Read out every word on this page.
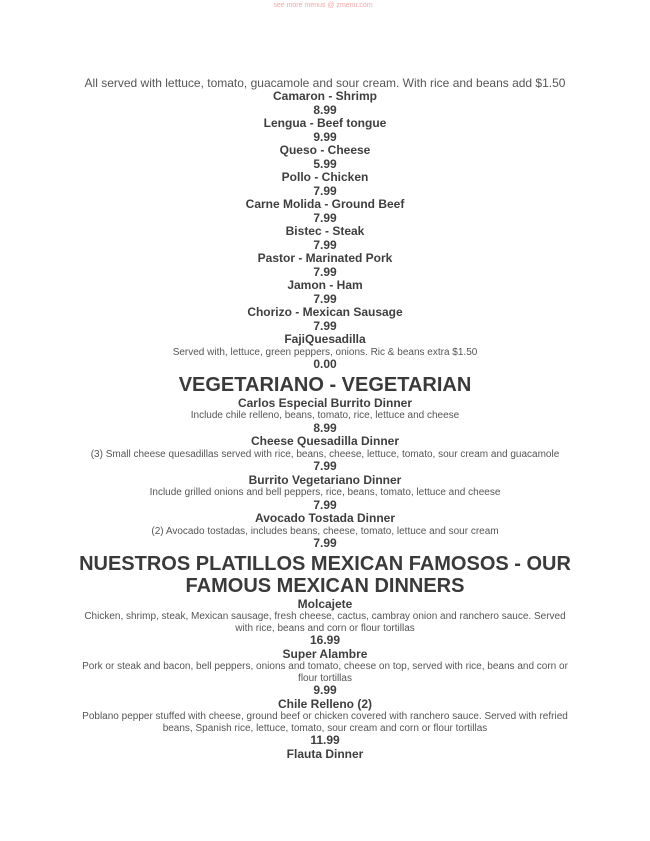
see more menus @ zmenu.com
All served with lettuce, tomato, guacamole and sour cream. With rice and beans add $1.50
Camaron - Shrimp
8.99
Lengua - Beef tongue
9.99
Queso - Cheese
5.99
Pollo - Chicken
7.99
Carne Molida - Ground Beef
7.99
Bistec - Steak
7.99
Pastor - Marinated Pork
7.99
Jamon - Ham
7.99
Chorizo - Mexican Sausage
7.99
FajiQuesadilla
Served with, lettuce, green peppers, onions. Ric & beans extra $1.50
0.00
VEGETARIANO - VEGETARIAN
Carlos Especial Burrito Dinner
Include chile relleno, beans, tomato, rice, lettuce and cheese
8.99
Cheese Quesadilla Dinner
(3) Small cheese quesadillas served with rice, beans, cheese, lettuce, tomato, sour cream and guacamole
7.99
Burrito Vegetariano Dinner
Include grilled onions and bell peppers, rice, beans, tomato, lettuce and cheese
7.99
Avocado Tostada Dinner
(2) Avocado tostadas, includes beans, cheese, tomato, lettuce and sour cream
7.99
NUESTROS PLATILLOS MEXICAN FAMOSOS - OUR FAMOUS MEXICAN DINNERS
Molcajete
Chicken, shrimp, steak, Mexican sausage, fresh cheese, cactus, cambray onion and ranchero sauce. Served with rice, beans and corn or flour tortillas
16.99
Super Alambre
Pork or steak and bacon, bell peppers, onions and tomato, cheese on top, served with rice, beans and corn or flour tortillas
9.99
Chile Relleno (2)
Poblano pepper stuffed with cheese, ground beef or chicken covered with ranchero sauce. Served with refried beans, Spanish rice, lettuce, tomato, sour cream and corn or flour tortillas
11.99
Flauta Dinner
